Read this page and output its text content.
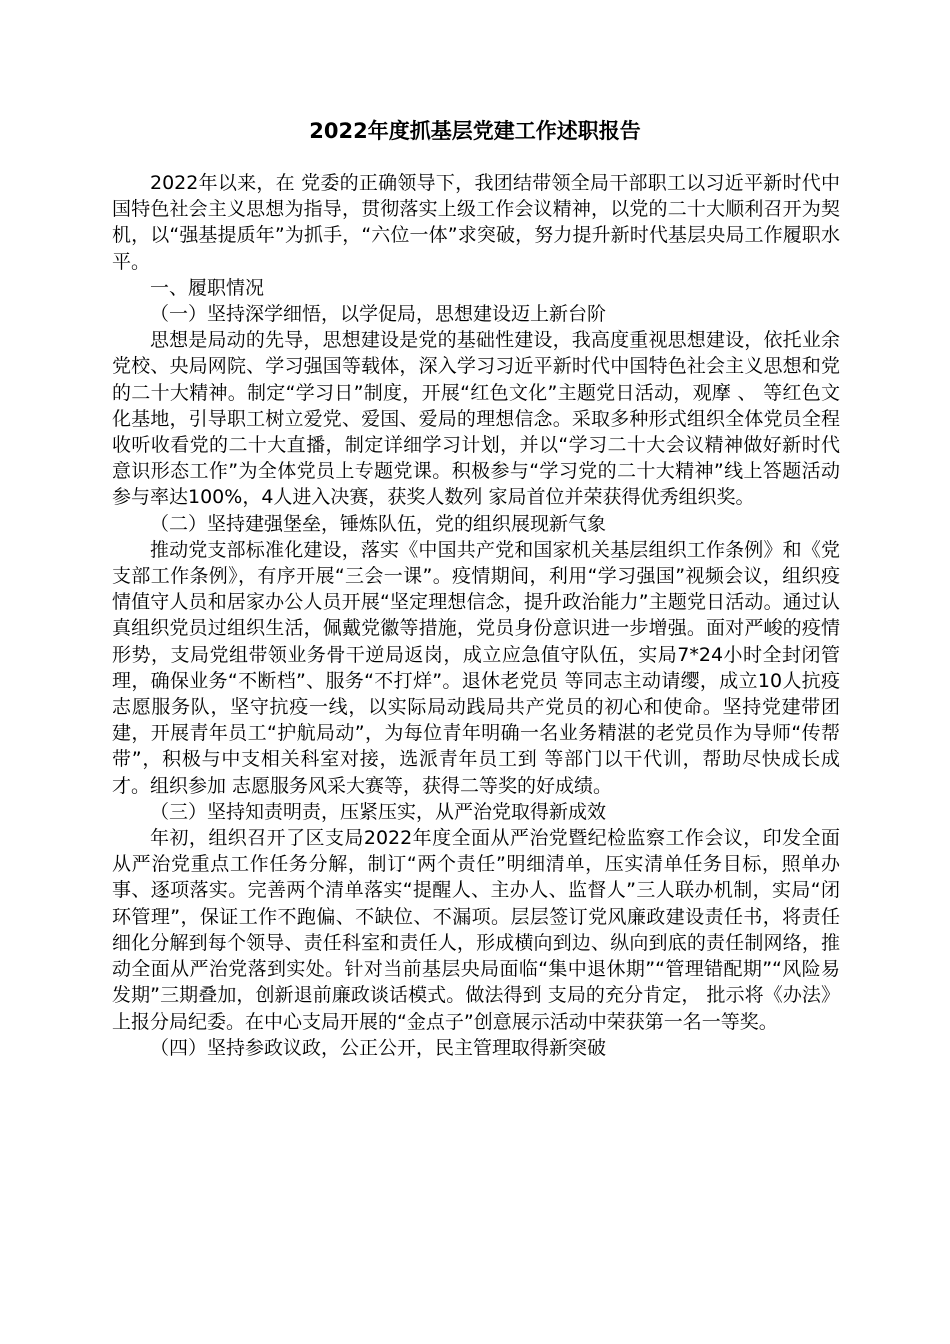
2022年度抓基层党建工作述职报告

2022年以来，在 党委的正确领导下，我团结带领全局干部职工以习近平新时代中国特色社会主义思想为指导，贯彻落实上级工作会议精神，以党的二十大顺利召开为契机，以“强基提质年”为抓手，“六位一体”求突破，努力提升新时代基层央局工作履职水平。

一、履职情况

（一）坚持深学细悟，以学促局，思想建设迈上新台阶

思想是局动的先导，思想建设是党的基础性建设，我高度重视思想建设，依托业余党校、央局网院、学习强国等载体，深入学习习近平新时代中国特色社会主义思想和党的二十大精神。制定“学习日”制度，开展“红色文化”主题党日活动，观摩 、 等红色文化基地，引导职工树立爱党、爱国、爱局的理想信念。采取多种形式组织全体党员全程收听收看党的二十大直播，制定详细学习计划，并以“学习二十大会议精神做好新时代意识形态工作”为全体党员上专题党课。积极参与“学习党的二十大精神”线上答题活动参与率达100%，4人进入决赛，获奖人数列 家局首位并荣获得优秀组织奖。

（二）坚持建强堡垒，锤炼队伍，党的组织展现新气象

推动党支部标准化建设，落实《中国共产党和国家机关基层组织工作条例》和《党支部工作条例》，有序开展“三会一课”。疫情期间，利用“学习强国”视频会议，组织疫情值守人员和居家办公人员开展“坚定理想信念，提升政治能力”主题党日活动。通过认真组织党员过组织生活，佩戴党徽等措施，党员身份意识进一步增强。面对严峻的疫情形势，支局党组带领业务骨干逆局返岗，成立应急值守队伍，实局7*24小时全封闭管理，确保业务“不断档”、服务“不打烊”。退休老党员 等同志主动请缨，成立10人抗疫志愿服务队，坚守抗疫一线，以实际局动践局共产党员的初心和使命。坚持党建带团建，开展青年员工“护航局动”，为每位青年明确一名业务精湛的老党员作为导师“传帮带”，积极与中支相关科室对接，选派青年员工到 等部门以干代训，帮助尽快成长成才。组织参加 志愿服务风采大赛等，获得二等奖的好成绩。

（三）坚持知责明责，压紧压实，从严治党取得新成效

年初，组织召开了区支局2022年度全面从严治党暨纪检监察工作会议，印发全面从严治党重点工作任务分解，制订“两个责任”明细清单，压实清单任务目标，照单办事、逐项落实。完善两个清单落实“提醒人、主办人、监督人”三人联办机制，实局“闭环管理”，保证工作不跑偏、不缺位、不漏项。层层签订党风廉政建设责任书，将责任细化分解到每个领导、责任科室和责任人，形成横向到边、纵向到底的责任制网络，推动全面从严治党落到实处。针对当前基层央局面临“集中退休期”“管理错配期”“风险易发期”三期叠加，创新退前廉政谈话模式。做法得到 支局的充分肯定， 批示将《办法》上报分局纪委。在中心支局开展的“金点子”创意展示活动中荣获第一名一等奖。

（四）坚持参政议政，公正公开，民主管理取得新突破
